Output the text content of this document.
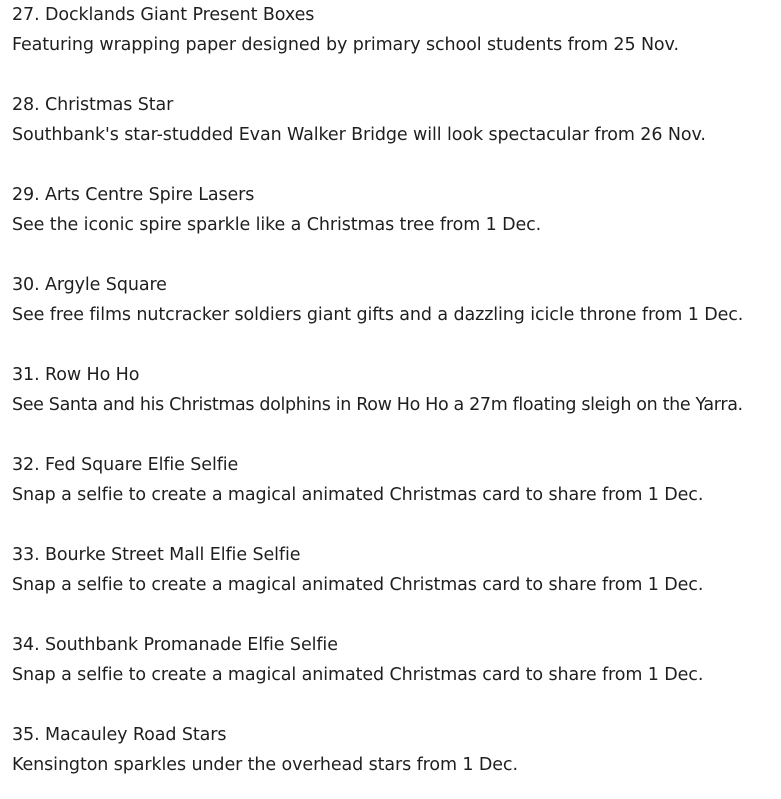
27. Docklands Giant Present Boxes
Featuring wrapping paper designed by primary school students from 25 Nov.
28. Christmas Star
Southbank's star-studded Evan Walker Bridge will look spectacular from 26 Nov.
29. Arts Centre Spire Lasers
See the iconic spire sparkle like a Christmas tree from 1 Dec.
30. Argyle Square
See free films nutcracker soldiers giant gifts and a dazzling icicle throne from 1 Dec.
31. Row Ho Ho
See Santa and his Christmas dolphins in Row Ho Ho a 27m floating sleigh on the Yarra.
32. Fed Square Elfie Selfie
Snap a selfie to create a magical animated Christmas card to share from 1 Dec.
33. Bourke Street Mall Elfie Selfie
Snap a selfie to create a magical animated Christmas card to share from 1 Dec.
34. Southbank Promanade Elfie Selfie
Snap a selfie to create a magical animated Christmas card to share from 1 Dec.
35. Macauley Road Stars
Kensington sparkles under the overhead stars from 1 Dec.
